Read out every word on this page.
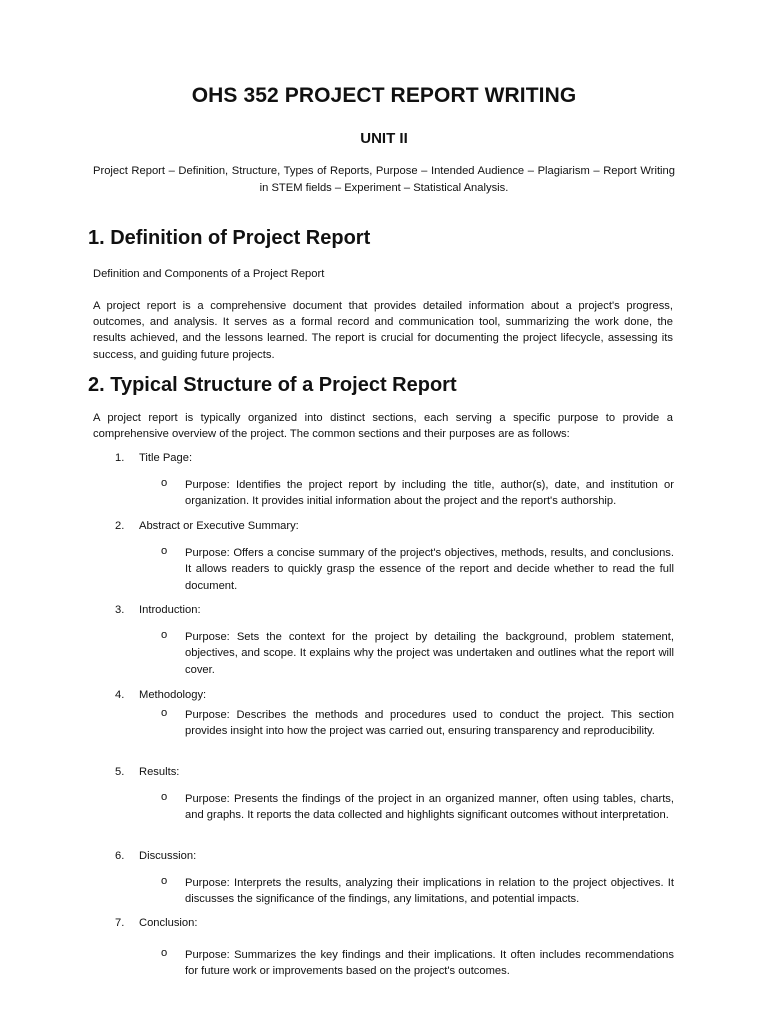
OHS 352 PROJECT REPORT WRITING
UNIT II
Project Report – Definition, Structure, Types of Reports, Purpose – Intended Audience – Plagiarism – Report Writing in STEM fields – Experiment – Statistical Analysis.
1. Definition of Project Report
Definition and Components of a Project Report
A project report is a comprehensive document that provides detailed information about a project's progress, outcomes, and analysis. It serves as a formal record and communication tool, summarizing the work done, the results achieved, and the lessons learned. The report is crucial for documenting the project lifecycle, assessing its success, and guiding future projects.
2. Typical Structure of a Project Report
A project report is typically organized into distinct sections, each serving a specific purpose to provide a comprehensive overview of the project. The common sections and their purposes are as follows:
1. Title Page:
o Purpose: Identifies the project report by including the title, author(s), date, and institution or organization. It provides initial information about the project and the report's authorship.
2. Abstract or Executive Summary:
o Purpose: Offers a concise summary of the project's objectives, methods, results, and conclusions. It allows readers to quickly grasp the essence of the report and decide whether to read the full document.
3. Introduction:
o Purpose: Sets the context for the project by detailing the background, problem statement, objectives, and scope. It explains why the project was undertaken and outlines what the report will cover.
4. Methodology:
o Purpose: Describes the methods and procedures used to conduct the project. This section provides insight into how the project was carried out, ensuring transparency and reproducibility.
5. Results:
o Purpose: Presents the findings of the project in an organized manner, often using tables, charts, and graphs. It reports the data collected and highlights significant outcomes without interpretation.
6. Discussion:
o Purpose: Interprets the results, analyzing their implications in relation to the project objectives. It discusses the significance of the findings, any limitations, and potential impacts.
7. Conclusion:
o Purpose: Summarizes the key findings and their implications. It often includes recommendations for future work or improvements based on the project's outcomes.
